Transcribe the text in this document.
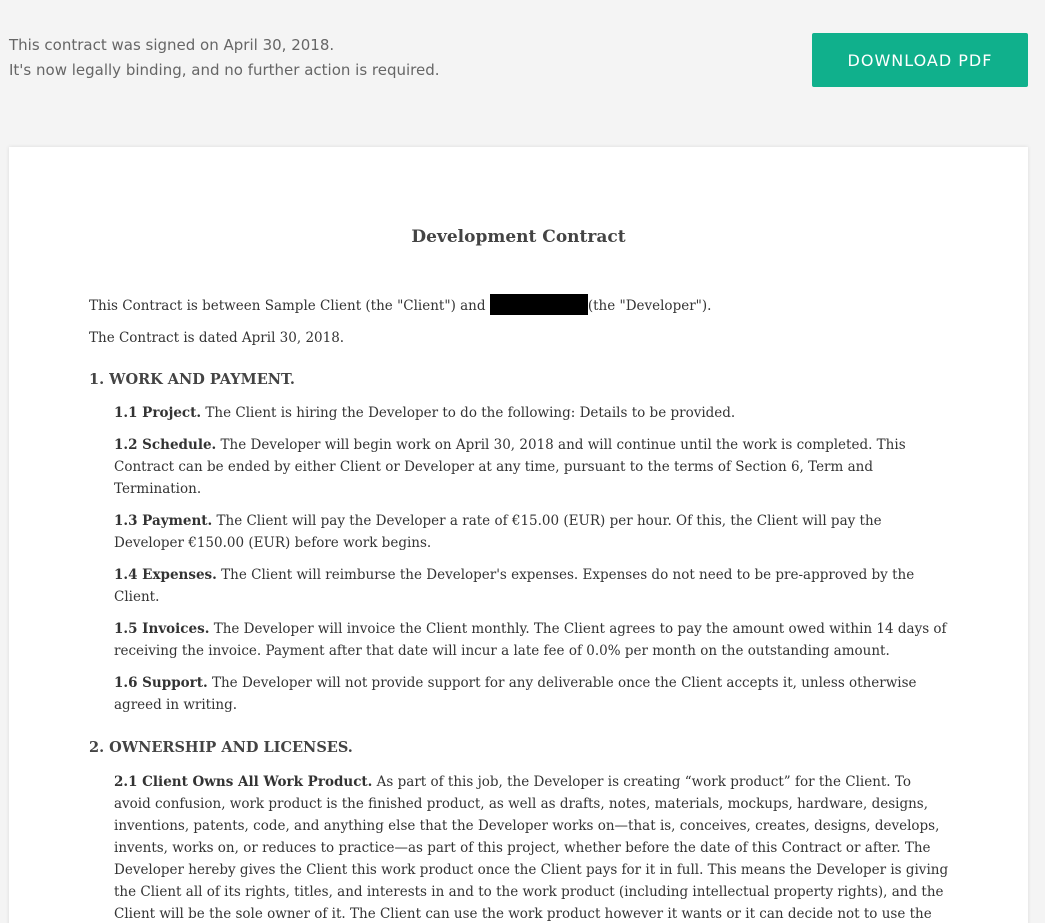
This contract was signed on April 30, 2018.
It's now legally binding, and no further action is required.
DOWNLOAD PDF
Development Contract

This Contract is between Sample Client (the "Client") and	(the "Developer").

The Contract is dated April 30, 2018.

1. WORK AND PAYMENT.

1.1 Project. The Client is hiring the Developer to do the following: Details to be provided.

1.2 Schedule. The Developer will begin work on April 30, 2018 and will continue until the work is completed. This Contract can be ended by either Client or Developer at any time, pursuant to the terms of Section 6, Term and Termination.

1.3 Payment. The Client will pay the Developer a rate of €15.00 (EUR) per hour. Of this, the Client will pay the Developer €150.00 (EUR) before work begins.

1.4 Expenses. The Client will reimburse the Developer's expenses. Expenses do not need to be pre-approved by the Client.

1.5 Invoices. The Developer will invoice the Client monthly. The Client agrees to pay the amount owed within 14 days of receiving the invoice. Payment after that date will incur a late fee of 0.0% per month on the outstanding amount.

1.6 Support. The Developer will not provide support for any deliverable once the Client accepts it, unless otherwise agreed in writing.

2. OWNERSHIP AND LICENSES.

2.1 Client Owns All Work Product. As part of this job, the Developer is creating “work product” for the Client. To avoid confusion, work product is the finished product, as well as drafts, notes, materials, mockups, hardware, designs, inventions, patents, code, and anything else that the Developer works on—that is, conceives, creates, designs, develops, invents, works on, or reduces to practice—as part of this project, whether before the date of this Contract or after. The Developer hereby gives the Client this work product once the Client pays for it in full. This means the Developer is giving the Client all of its rights, titles, and interests in and to the work product (including intellectual property rights), and the Client will be the sole owner of it. The Client can use the work product however it wants or it can decide not to use the
